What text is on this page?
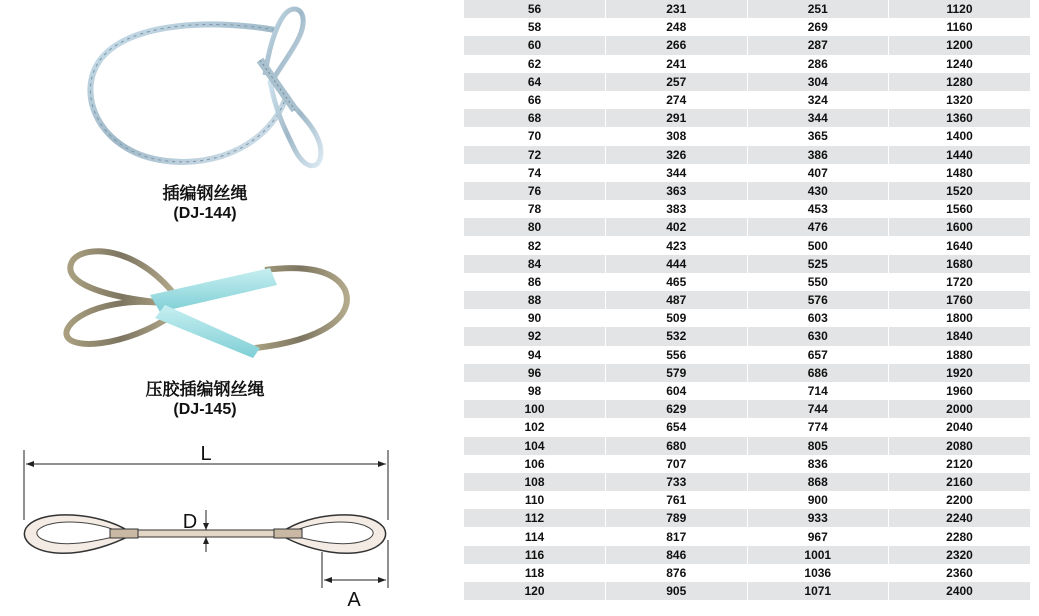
插编钢丝绳
(DJ-144)
压胶插编钢丝绳
(DJ-145)
L
D
A
56	231	251	1120
58	248	269	1160
60	266	287	1200
62	241	286	1240
64	257	304	1280
66	274	324	1320
68	291	344	1360
70	308	365	1400
72	326	386	1440
74	344	407	1480
76	363	430	1520
78	383	453	1560
80	402	476	1600
82	423	500	1640
84	444	525	1680
86	465	550	1720
88	487	576	1760
90	509	603	1800
92	532	630	1840
94	556	657	1880
96	579	686	1920
98	604	714	1960
100	629	744	2000
102	654	774	2040
104	680	805	2080
106	707	836	2120
108	733	868	2160
110	761	900	2200
112	789	933	2240
114	817	967	2280
116	846	1001	2320
118	876	1036	2360
120	905	1071	2400
